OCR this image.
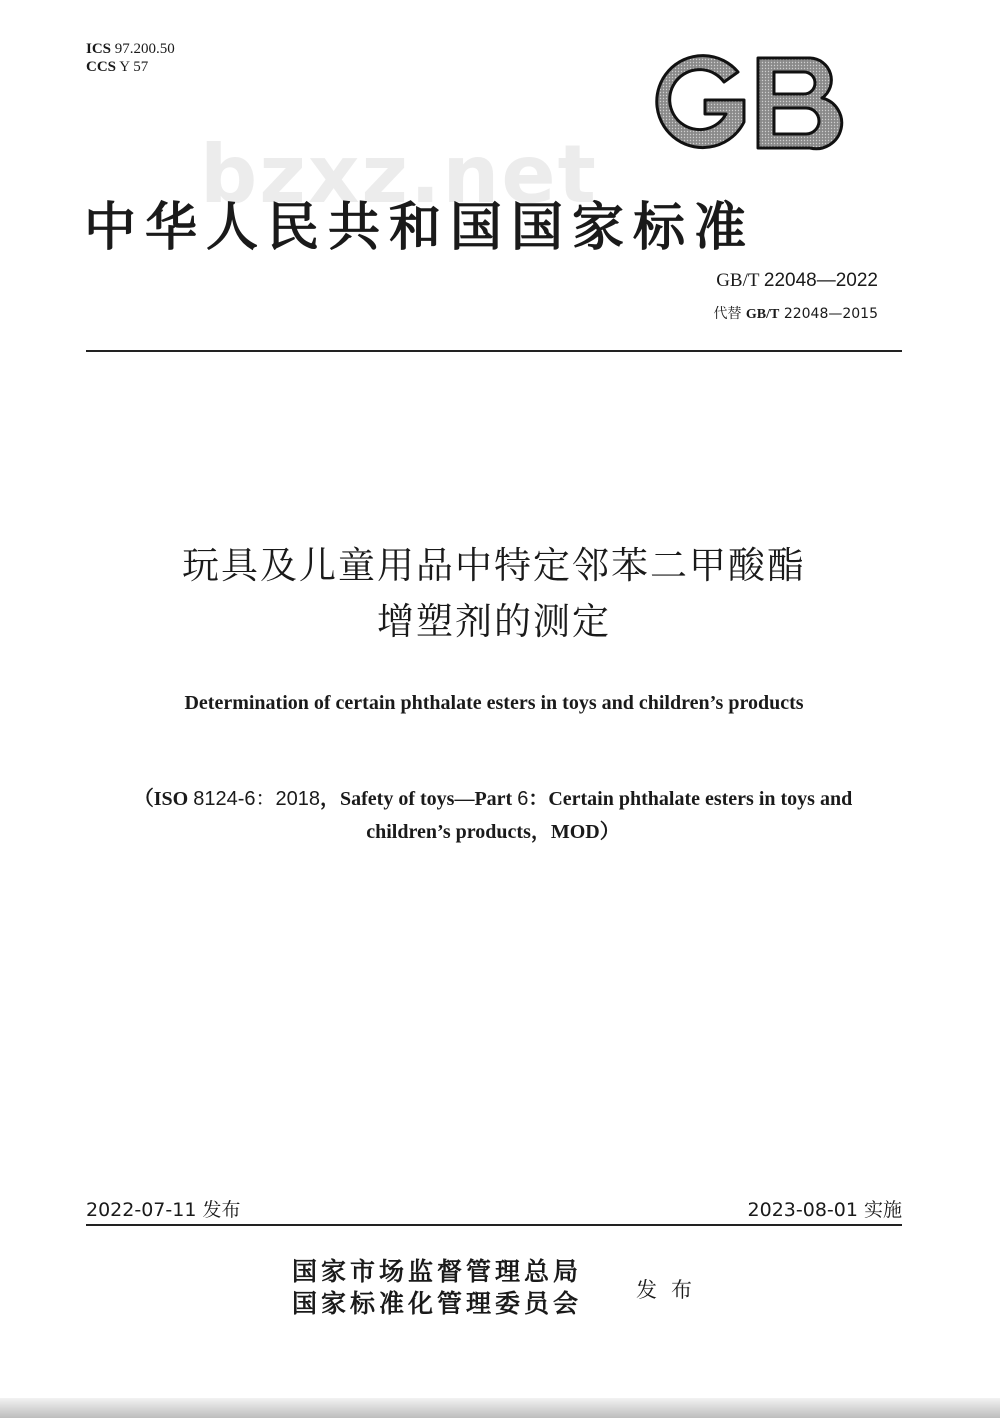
ICS 97.200.50
CCS Y 57
bzxz.net
中华人民共和国国家标准
GB/T 22048—2022
代替 GB/T 22048—2015
玩具及儿童用品中特定邻苯二甲酸酯
增塑剂的测定
Determination of certain phthalate esters in toys and children’s products
（ISO 8124-6：2018，Safety of toys—Part 6：Certain phthalate esters in toys and
children’s products，MOD）
2022-07-11 发布	2023-08-01 实施
国家市场监督管理总局
国家标准化管理委员会	发布
